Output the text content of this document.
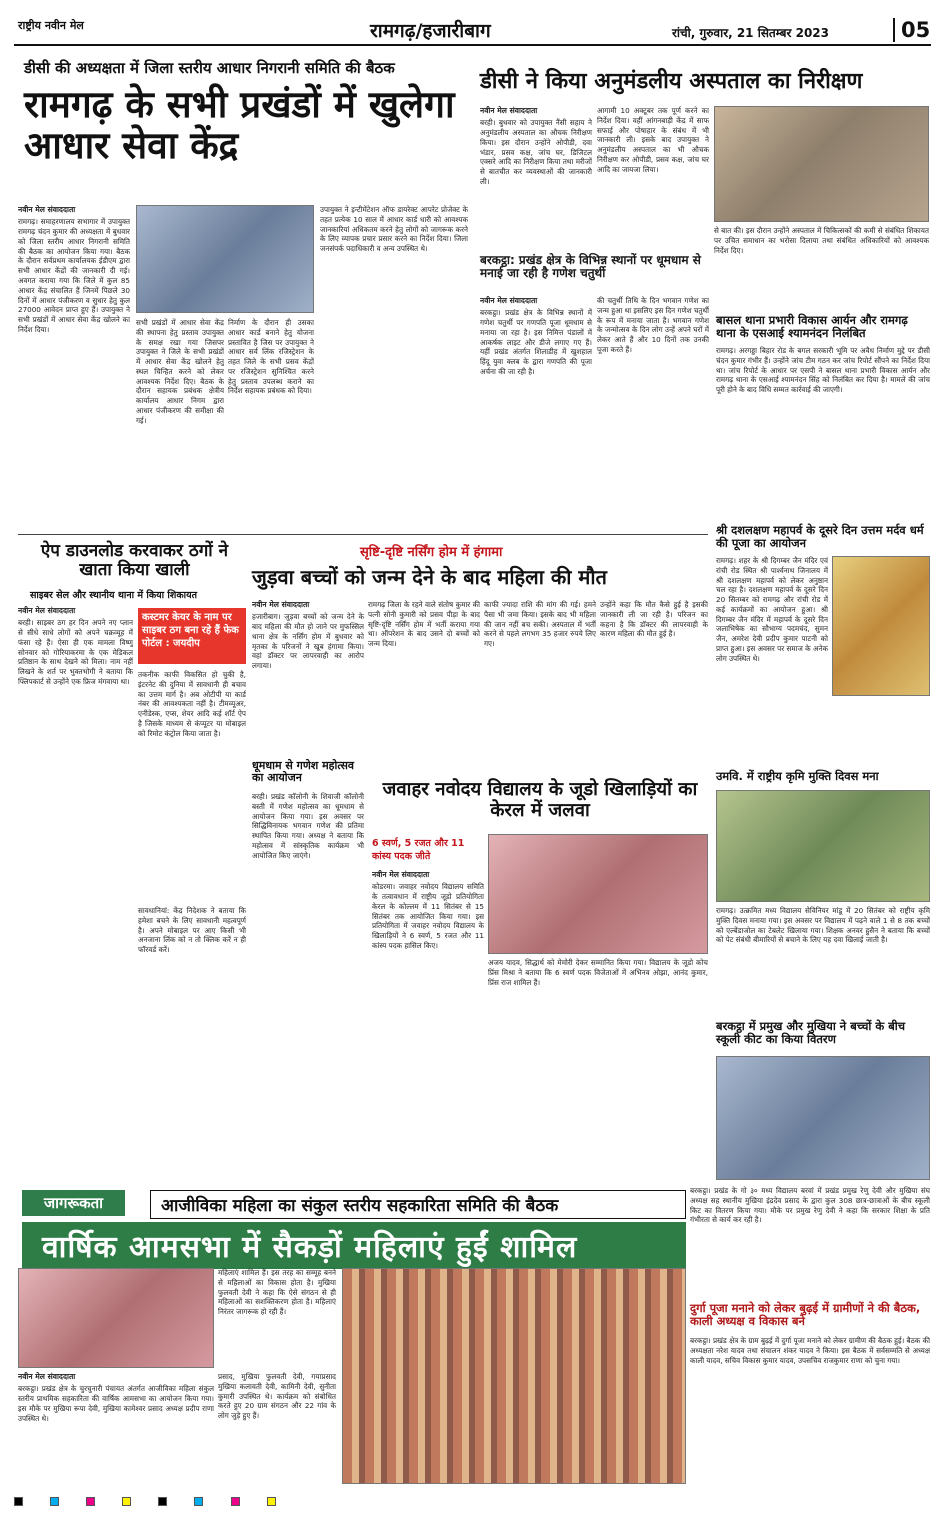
राष्ट्रीय नवीन मेल	रामगढ़/हजारीबाग	रांची, गुरुवार, 21 सितम्बर 2023	05
डीसी की अध्यक्षता में जिला स्तरीय आधार निगरानी समिति की बैठक
रामगढ़ के सभी प्रखंडों में खुलेगा आधार सेवा केंद्र
नवीन मेल संवाददाता
रामगढ़। समाहरणालय सभागार में उपायुक्त रामगढ़ चंदन कुमार की अध्यक्षता में बुधवार को जिला स्तरीय आधार निगरानी समिति की बैठक का आयोजन किया गया। बैठक के दौरान सर्वप्रथम कार्यालयक ईडीएम द्वारा सभी आधार केंद्रों की जानकारी दी गई। अवगत कराया गया कि जिले में कुल 85 आधार केंद्र संचालित हैं जिनमें पिछले 30 दिनों में आधार पंजीकरण व सुधार हेतु कुल 27000 आवेदन प्राप्त हुए हैं। उपायुक्त ने सभी प्रखंडों में आधार सेवा केंद्र खोलने का निर्देश दिया।
सभी प्रखंडों में आधार सेवा केंद्र की स्थापना हेतु प्रस्ताव उपायुक्त के समक्ष रखा गया जिसपर उपायुक्त ने जिले के सभी प्रखंडों में आधार सेवा केंद्र खोलने हेतु स्थल चिन्हित करने को लेकर आवश्यक निर्देश दिए। बैठक के दौरान सहायक प्रबंधक क्षेत्रीय कार्यालय आधार निगम द्वारा आधार पंजीकरण की समीक्षा की गई।
निर्माण के दौरान ही उसका आधार कार्ड बनाने हेतु योजना प्रस्तावित है जिस पर उपायुक्त ने आधार सर्व लिंक रजिस्ट्रेशन के तहत जिले के सभी प्रसव केंद्रों पर रजिस्ट्रेशन सुनिश्चित करने हेतु प्रस्ताव उपलब्ध कराने का निर्देश सहायक प्रबंधक को दिया।
उपायुक्त ने इन्टीमेंटेशन ऑफ डायरेक्ट आपरेट प्रोजेक्ट के तहत प्रत्येक 10 साल में आधार कार्ड धारी को आवश्यक जानकारियां अधिकतम करने हेतु लोगों को जागरूक करने के लिए व्यापक प्रचार प्रसार करने का निर्देश दिया। जिला जनसंपर्क पदाधिकारी व अन्य उपस्थित थे।
डीसी ने किया अनुमंडलीय अस्पताल का निरीक्षण
नवीन मेल संवाददाता
बरही। बुधवार को उपायुक्त नैंसी सहाय ने अनुमंडलीय अस्पताल का औचक निरीक्षण किया। इस दौरान उन्होंने ओपीडी, दवा भंडार, प्रसव कक्ष, जांच घर, डिजिटल एक्सरे आदि का निरीक्षण किया तथा मरीजों से बातचीत कर व्यवस्थाओं की जानकारी ली।
आगामी 10 अक्टूबर तक पूर्ण करने का निर्देश दिया। वहीं आंगनबाड़ी केंद्र में साफ सफाई और पोषाहार के संबंध में भी जानकारी ली। इसके बाद उपायुक्त ने अनुमंडलीय अस्पताल का भी औचक निरीक्षण कर ओपीडी, प्रसव कक्ष, जांच घर आदि का जायजा लिया।
से बात की। इस दौरान उन्होंने अस्पताल में चिकित्सकों की कमी से संबंधित शिकायत पर उचित समाधान का भरोसा दिलाया तथा संबंधित अधिकारियों को आवश्यक निर्देश दिए।
बरकट्ठा: प्रखंड क्षेत्र के विभिन्न स्थानों पर धूमधाम से मनाई जा रही है गणेश चतुर्थी
नवीन मेल संवाददाता
बरकट्ठा। प्रखंड क्षेत्र के विभिन्न स्थानों में गणेश चतुर्थी पर गणपति पूजा धूमधाम से मनाया जा रहा है। इस निमित्त पंडालों में आकर्षक लाइट और डीजे लगाए गए हैं। यहीं प्रखंड अंतर्गत शिलाडीह में खुशहाल हिंदू युवा क्लब के द्वारा गणपति की पूजा अर्चना की जा रही है।
की चतुर्थी तिथि के दिन भगवान गणेश का जन्म हुआ था इसलिए इस दिन गणेश चतुर्थी के रूप में मनाया जाता है। भगवान गणेश के जन्मोत्सव के दिन लोग उन्हें अपने घरों में लेकर आते हैं और 10 दिनों तक उनकी पूजा करते हैं।
बासल थाना प्रभारी विकास आर्यन और रामगढ़ थाना के एसआई श्यामनंदन निलंबित
रामगढ़। अरगड्डा बिहार रोड के बगल सरकारी भूमि पर अवैध निर्माण मुद्दे पर डीसी चंदन कुमार गंभीर हैं। उन्होंने जांच टीम गठन कर जांच रिपोर्ट सौंपने का निर्देश दिया था। जांच रिपोर्ट के आधार पर एसपी ने बासल थाना प्रभारी विकास आर्यन और रामगढ़ थाना के एसआई श्यामनंदन सिंह को निलंबित कर दिया है। मामले की जांच पूरी होने के बाद विधि सम्मत कार्रवाई की जाएगी।
श्री दशलक्षण महापर्व के दूसरे दिन उत्तम मर्दव धर्म की पूजा का आयोजन
रामगढ़। शहर के श्री दिगम्बर जैन मंदिर एवं रांची रोड स्थित श्री पार्श्वनाथ जिनालय में श्री दशलक्षण महापर्व को लेकर अनुष्ठान चल रहा है। दशलक्षण महापर्व के दूसरे दिन 20 सितम्बर को रामगढ़ और रांची रोड में कई कार्यक्रमों का आयोजन हुआ। श्री दिगम्बर जैन मंदिर में महापर्व के दूसरे दिन जलाभिषेक का सौभाग्य पदमचंद, सुमन जैन, अमरेश देवी प्रदीप कुमार पाटनी को प्राप्त हुआ। इस अवसर पर समाज के अनेक लोग उपस्थित थे।
उमवि. में राष्ट्रीय कृमि मुक्ति दिवस मना
रामगढ़। उत्क्रमित मध्य विद्यालय सेविनियर मांडू में 20 सितंबर को राष्ट्रीय कृमि मुक्ति दिवस मनाया गया। इस अवसर पर विद्यालय में पढ़ने वाले 1 से 8 तक बच्चों को एल्बेंडाजोल का टेबलेट खिलाया गया। शिक्षक अनवर हुसैन ने बताया कि बच्चों को पेट संबंधी बीमारियों से बचाने के लिए यह दवा खिलाई जाती है।
बरकट्ठा में प्रमुख और मुखिया ने बच्चों के बीच स्कूली कीट का किया वितरण
बरकट्ठा। प्रखंड के गो ३० मध्य विद्यालय बरवां में प्रखंड प्रमुख रेणु देवी और मुखिया संघ अध्यक्ष सह स्थानीय मुखिया इंद्रदेव प्रसाद के द्वारा कुल 308 छात्र-छात्राओं के बीच स्कूली किट का वितरण किया गया। मौके पर प्रमुख रेणु देवी ने कहा कि सरकार शिक्षा के प्रति गंभीरता से कार्य कर रही है।
दुर्गा पूजा मनाने को लेकर बुढ़ई में ग्रामीणों ने की बैठक, काली अध्यक्ष व विकास बने
बरकट्ठा। प्रखंड क्षेत्र के ग्राम बुढ़ई में दुर्गा पूजा मनाने को लेकर ग्रामीण की बैठक हुई। बैठक की अध्यक्षता नरेश यादव तथा संचालन शंकर यादव ने किया। इस बैठक में सर्वसम्मति से अध्यक्ष काली यादव, सचिव विकास कुमार यादव, उपसचिव राजकुमार राणा को चुना गया।
ऐप डाउनलोड करवाकर ठगों ने खाता किया खाली
साइबर सेल और स्थानीय थाना में किया शिकायत
नवीन मेल संवाददाता
बरही। साइबर ठग हर दिन अपने नए प्लान से सीधे साधे लोगों को अपने चक्रव्यूह में फंसा रहे हैं। ऐसा ही एक मामला विष्णु सोनवार को गोरियाकरमा के एक मेडिकल प्रतिष्ठान के साथ देखने को मिला। नाम नहीं लिखने के शर्त पर भुक्तभोगी ने बताया कि फ्लिपकार्ट से उन्होंने एक फ्रिज मंगवाया था।
कस्टमर केयर के नाम पर साइबर ठग बना रहे हैं फेक पोर्टल : जयदीप
तकनीक काफी विकसित हो चुकी है, इंटरनेट की दुनिया में सावधानी ही बचाव का उत्तम मार्ग है। अब ओटीपी या कार्ड नंबर की आवश्यकता नहीं है। टीमव्यूअर, एनीडेस्क, एप्स, शेयर आदि कई शॉर्ट ऐप है जिसके माध्यम से कंप्यूटर या मोबाइल को रिमोट कंट्रोल किया जाता है।
सावधानियां: केंद्र निदेशक ने बताया कि हमेशा बचने के लिए सावधानी महत्वपूर्ण है। अपने मोबाइल पर आए किसी भी अनजाना लिंक को न तो क्लिक करें न ही फॉरवर्ड करें।
सृष्टि-दृष्टि नर्सिंग होम में हंगामा
जुड़वा बच्चों को जन्म देने के बाद महिला की मौत
नवीन मेल संवाददाता
हजारीबाग। जुड़वा बच्चों को जन्म देने के बाद महिला की मौत हो जाने पर मुफस्सिल थाना क्षेत्र के नर्सिंग होम में बुधवार को मृतका के परिजनों ने खूब हंगामा किया। वहां डॉक्टर पर लापरवाही का आरोप लगाया।
रामगढ़ जिला के रहने वाले संतोष कुमार की पत्नी सोनी कुमारी को प्रसव पीड़ा के बाद सृष्टि-दृष्टि नर्सिंग होम में भर्ती कराया गया था। ऑपरेशन के बाद उसने दो बच्चों को जन्म दिया।
काफी ज्यादा राशि की मांग की गई। हमने पैसा भी जमा किया। इसके बाद भी महिला की जान नहीं बच सकी। अस्पताल में भर्ती करने से पहले लगभग 35 हजार रुपये लिए गए।
उन्होंने कहा कि मौत कैसे हुई है इसकी जानकारी ली जा रही है। परिजन का कहना है कि डॉक्टर की लापरवाही के कारण महिला की मौत हुई है।
धूमधाम से गणेश महोत्सव का आयोजन
बरही। प्रखंड कॉलोनी के शिवाजी कॉलोनी बस्ती में गणेश महोत्सव का धूमधाम से आयोजन किया गया। इस अवसर पर सिद्धिविनायक भगवान गणेश की प्रतिमा स्थापित किया गया। अध्यक्ष ने बताया कि महोत्सव में सांस्कृतिक कार्यक्रम भी आयोजित किए जाएंगे।
जवाहर नवोदय विद्यालय के जूडो खिलाड़ियों का केरल में जलवा
6 स्वर्ण, 5 रजत और 11 कांस्य पदक जीते
नवीन मेल संवाददाता
कोडरमा। जवाहर नवोदय विद्यालय समिति के तत्वावधान में राष्ट्रीय जूडो प्रतियोगिता केरल के कोल्लम में 11 सितंबर से 15 सितंबर तक आयोजित किया गया। इस प्रतियोगिता में जवाहर नवोदय विद्यालय के खिलाड़ियों ने 6 स्वर्ण, 5 रजत और 11 कांस्य पदक हासिल किए।
अजय यादव, सिद्धार्थ को मेमोरी देकर सम्मानित किया गया। विद्यालय के जूडो कोच प्रिंस मिश्रा ने बताया कि 6 स्वर्ण पदक विजेताओं में अभिनव ओझा, आनंद कुमार, प्रिंस राज शामिल हैं।
जागरूकता	आजीविका महिला का संकुल स्तरीय सहकारिता समिति की बैठक
वार्षिक आमसभा में सैकड़ों महिलाएं हुईं शामिल
नवीन मेल संवाददाता
बरकट्ठा। प्रखंड क्षेत्र के चुरचुनारी पंचायत अंतर्गत आजीविका महिला संकुल स्तरीय प्राथमिक सहकारिता की वार्षिक आमसभा का आयोजन किया गया। इस मौके पर मुखिया रूपा देवी, मुखिया कामेश्वर प्रसाद अध्यक्ष प्रदीप राणा उपस्थित थे।
प्रसाद, मुखिया फुलवती देवी, गयाप्रसाद मुखिया कलावती देवी, कामिनी देवी, सुनीता कुमारी उपस्थित थे। कार्यक्रम को संबोधित करते हुए 20 ग्राम संगठन और 22 गांव के लोग जुड़े हुए हैं।
महिलाएं शामिल हैं। इस तरह का सम्मूह बनने से महिलाओं का विकास होता है। मुखिया फुलवती देवी ने कहा कि ऐसे संगठन से ही महिलाओं का सशक्तिकरण होता है। महिलाएं निरंतर जागरूक हो रही हैं।
